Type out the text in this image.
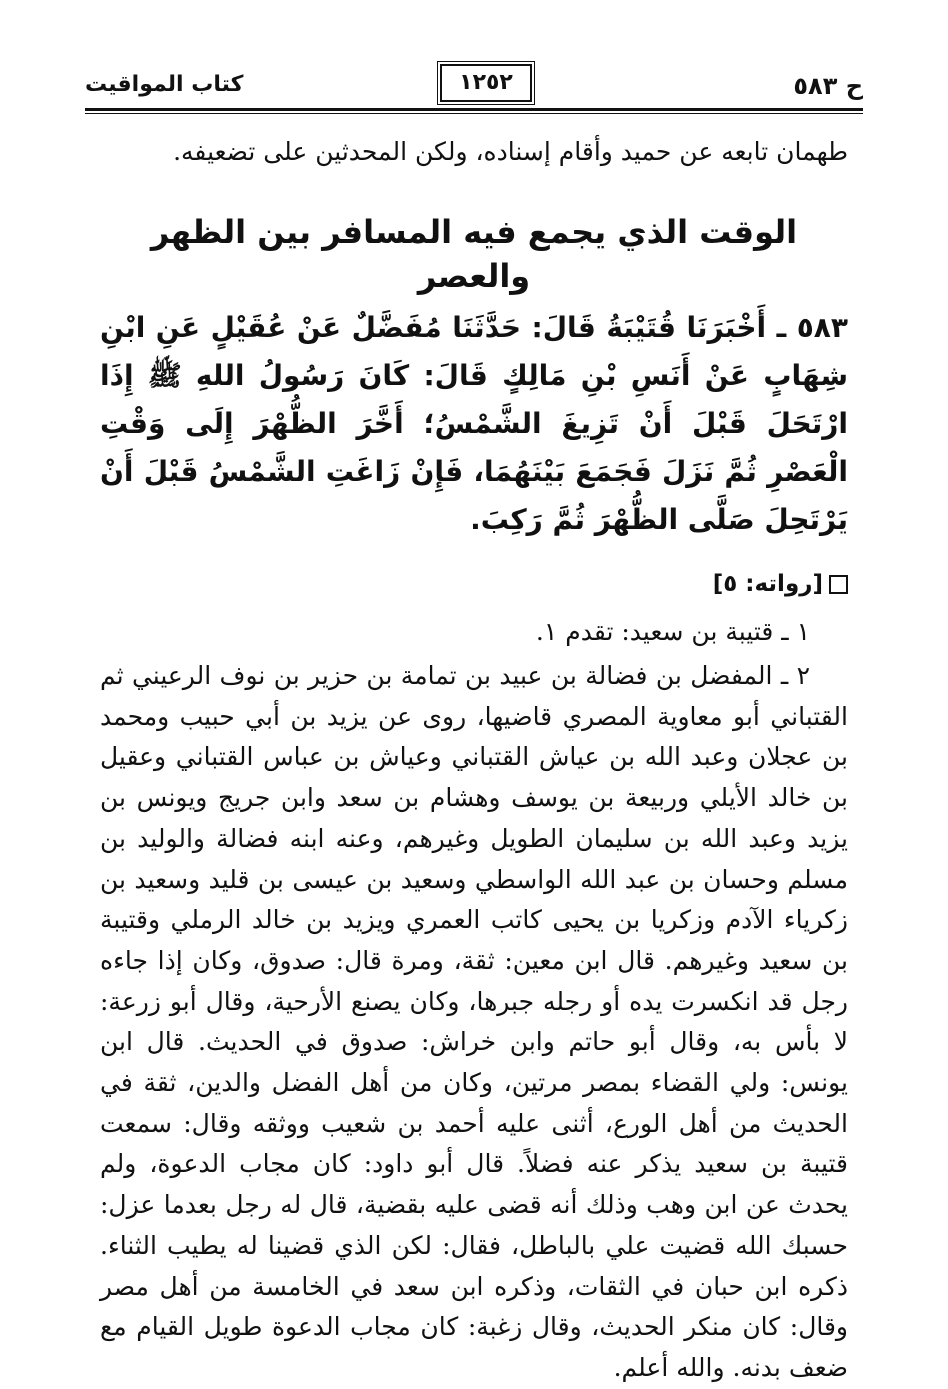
ح ٥٨٣
١٢٥٢
كتاب المواقيت

طهمان تابعه عن حميد وأقام إسناده، ولكن المحدثين على تضعيفه.

الوقت الذي يجمع فيه المسافر بين الظهر والعصر
٥٨٣ ـ أَخْبَرَنَا قُتَيْبَةُ قَالَ: حَدَّثَنَا مُفَضَّلٌ عَنْ عُقَيْلٍ عَنِ ابْنِ شِهَابٍ عَنْ أَنَسِ بْنِ مَالِكٍ قَالَ: كَانَ رَسُولُ اللهِ ﷺ إِذَا ارْتَحَلَ قَبْلَ أَنْ تَزِيغَ الشَّمْسُ؛ أَخَّرَ الظُّهْرَ إِلَى وَقْتِ الْعَصْرِ ثُمَّ نَزَلَ فَجَمَعَ بَيْنَهُمَا، فَإِنْ زَاغَتِ الشَّمْسُ قَبْلَ أَنْ يَرْتَحِلَ صَلَّى الظُّهْرَ ثُمَّ رَكِبَ.
[رواته: ٥]
١ ـ قتيبة بن سعيد: تقدم ١.
٢ ـ المفضل بن فضالة بن عبيد بن تمامة بن حزير بن نوف الرعيني ثم القتباني أبو معاوية المصري قاضيها، روى عن يزيد بن أبي حبيب ومحمد بن عجلان وعبد الله بن عياش القتباني وعياش بن عباس القتباني وعقيل بن خالد الأيلي وربيعة بن يوسف وهشام بن سعد وابن جريج ويونس بن يزيد وعبد الله بن سليمان الطويل وغيرهم، وعنه ابنه فضالة والوليد بن مسلم وحسان بن عبد الله الواسطي وسعيد بن عيسى بن قليد وسعيد بن زكرياء الآدم وزكريا بن يحيى كاتب العمري ويزيد بن خالد الرملي وقتيبة بن سعيد وغيرهم. قال ابن معين: ثقة، ومرة قال: صدوق، وكان إذا جاءه رجل قد انكسرت يده أو رجله جبرها، وكان يصنع الأرحية، وقال أبو زرعة: لا بأس به، وقال أبو حاتم وابن خراش: صدوق في الحديث. قال ابن يونس: ولي القضاء بمصر مرتين، وكان من أهل الفضل والدين، ثقة في الحديث من أهل الورع، أثنى عليه أحمد بن شعيب ووثقه وقال: سمعت قتيبة بن سعيد يذكر عنه فضلاً. قال أبو داود: كان مجاب الدعوة، ولم يحدث عن ابن وهب وذلك أنه قضى عليه بقضية، قال له رجل بعدما عزل: حسبك الله قضيت علي بالباطل، فقال: لكن الذي قضينا له يطيب الثناء. ذكره ابن حبان في الثقات، وذكره ابن سعد في الخامسة من أهل مصر وقال: كان منكر الحديث، وقال زغبة: كان مجاب الدعوة طويل القيام مع ضعف بدنه. والله أعلم.
